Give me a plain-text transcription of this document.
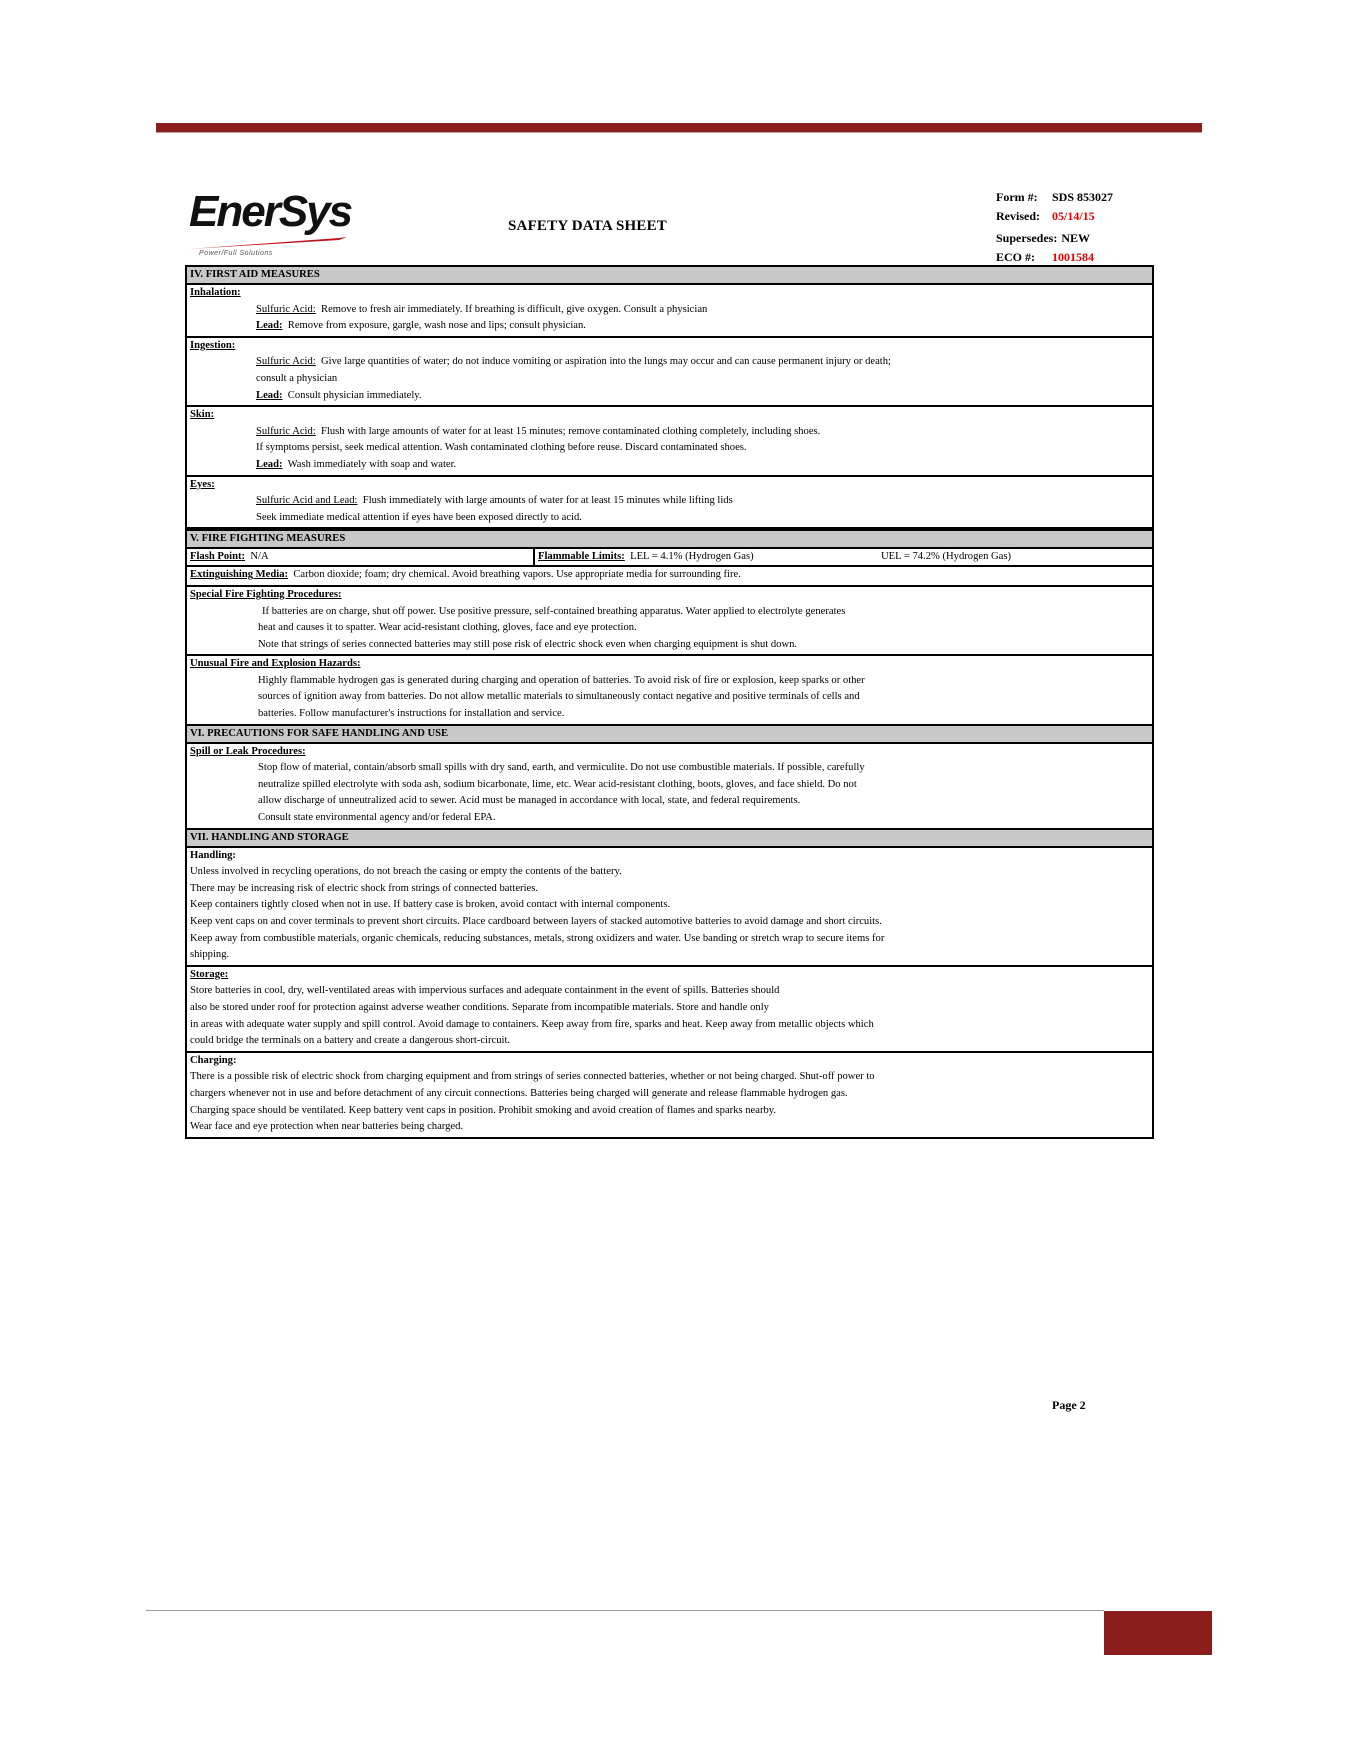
EnerSys
Power/Full Solutions
SAFETY DATA SHEET
Form #: SDS 853027
Revised: 05/14/15
Supersedes: NEW
ECO #: 1001584
IV. FIRST AID MEASURES
Inhalation:
Sulfuric Acid: Remove to fresh air immediately. If breathing is difficult, give oxygen. Consult a physician
Lead: Remove from exposure, gargle, wash nose and lips; consult physician.
Ingestion:
Sulfuric Acid: Give large quantities of water; do not induce vomiting or aspiration into the lungs may occur and can cause permanent injury or death;
consult a physician
Lead: Consult physician immediately.
Skin:
Sulfuric Acid: Flush with large amounts of water for at least 15 minutes; remove contaminated clothing completely, including shoes.
If symptoms persist, seek medical attention. Wash contaminated clothing before reuse. Discard contaminated shoes.
Lead: Wash immediately with soap and water.
Eyes:
Sulfuric Acid and Lead: Flush immediately with large amounts of water for at least 15 minutes while lifting lids
Seek immediate medical attention if eyes have been exposed directly to acid.
V. FIRE FIGHTING MEASURES
Flash Point: N/A	Flammable Limits: LEL = 4.1% (Hydrogen Gas)	UEL = 74.2% (Hydrogen Gas)
Extinguishing Media: Carbon dioxide; foam; dry chemical. Avoid breathing vapors. Use appropriate media for surrounding fire.
Special Fire Fighting Procedures:
If batteries are on charge, shut off power. Use positive pressure, self-contained breathing apparatus. Water applied to electrolyte generates
heat and causes it to spatter. Wear acid-resistant clothing, gloves, face and eye protection.
Note that strings of series connected batteries may still pose risk of electric shock even when charging equipment is shut down.
Unusual Fire and Explosion Hazards:
Highly flammable hydrogen gas is generated during charging and operation of batteries. To avoid risk of fire or explosion, keep sparks or other
sources of ignition away from batteries. Do not allow metallic materials to simultaneously contact negative and positive terminals of cells and
batteries. Follow manufacturer's instructions for installation and service.
VI. PRECAUTIONS FOR SAFE HANDLING AND USE
Spill or Leak Procedures:
Stop flow of material, contain/absorb small spills with dry sand, earth, and vermiculite. Do not use combustible materials. If possible, carefully
neutralize spilled electrolyte with soda ash, sodium bicarbonate, lime, etc. Wear acid-resistant clothing, boots, gloves, and face shield. Do not
allow discharge of unneutralized acid to sewer. Acid must be managed in accordance with local, state, and federal requirements.
Consult state environmental agency and/or federal EPA.
VII. HANDLING AND STORAGE
Handling:
Unless involved in recycling operations, do not breach the casing or empty the contents of the battery.
There may be increasing risk of electric shock from strings of connected batteries.
Keep containers tightly closed when not in use. If battery case is broken, avoid contact with internal components.
Keep vent caps on and cover terminals to prevent short circuits. Place cardboard between layers of stacked automotive batteries to avoid damage and short circuits.
Keep away from combustible materials, organic chemicals, reducing substances, metals, strong oxidizers and water. Use banding or stretch wrap to secure items for
shipping.
Storage:
Store batteries in cool, dry, well-ventilated areas with impervious surfaces and adequate containment in the event of spills. Batteries should
also be stored under roof for protection against adverse weather conditions. Separate from incompatible materials. Store and handle only
in areas with adequate water supply and spill control. Avoid damage to containers. Keep away from fire, sparks and heat. Keep away from metallic objects which
could bridge the terminals on a battery and create a dangerous short-circuit.
Charging:
There is a possible risk of electric shock from charging equipment and from strings of series connected batteries, whether or not being charged. Shut-off power to
chargers whenever not in use and before detachment of any circuit connections. Batteries being charged will generate and release flammable hydrogen gas.
Charging space should be ventilated. Keep battery vent caps in position. Prohibit smoking and avoid creation of flames and sparks nearby.
Wear face and eye protection when near batteries being charged.
Page 2
